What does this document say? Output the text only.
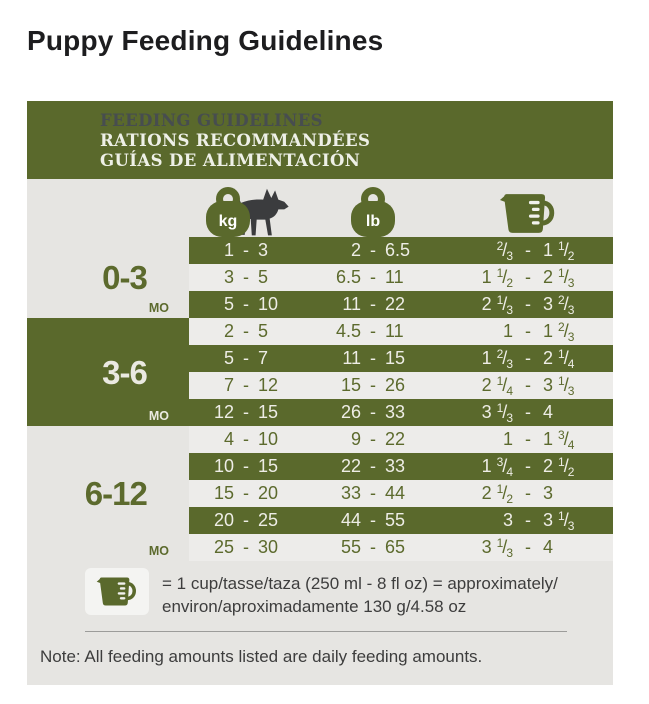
Puppy Feeding Guidelines
FEEDING GUIDELINES
RATIONS RECOMMANDÉES
GUÍAS DE ALIMENTACIÓN
kg	lb
0-3
MO
1 - 3	2 - 6.5	$^2/_3 - 1$ $^1/_2$
3 - 5	6.5 - 11	1 $^1/_2 - 2$ $^1/_3$
5 - 10	11 - 22	2 $^1/_3 - 3$ $^2/_3$
3-6
MO
2 - 5	4.5 - 11	1 - 1 $^2/_3$
5 - 7	11 - 15	1 $^2/_3 - 2$ $^1/_4$
7 - 12	15 - 26	2 $^1/_4 - 3$ $^1/_3$
12 - 15	26 - 33	3 $^1/_3 - 4$
6-12
MO
4 - 10	9 - 22	1 - 1 $^3/_4$
10 - 15	22 - 33	1 $^3/_4 - 2$ $^1/_2$
15 - 20	33 - 44	2 $^1/_2 - 3$
20 - 25	44 - 55	3 - 3 $^1/_3$
25 - 30	55 - 65	3 $^1/_3 - 4$
= 1 cup/tasse/taza (250 ml - 8 fl oz) = approximately/
environ/aproximadamente 130 g/4.58 oz
Note: All feeding amounts listed are daily feeding amounts.
